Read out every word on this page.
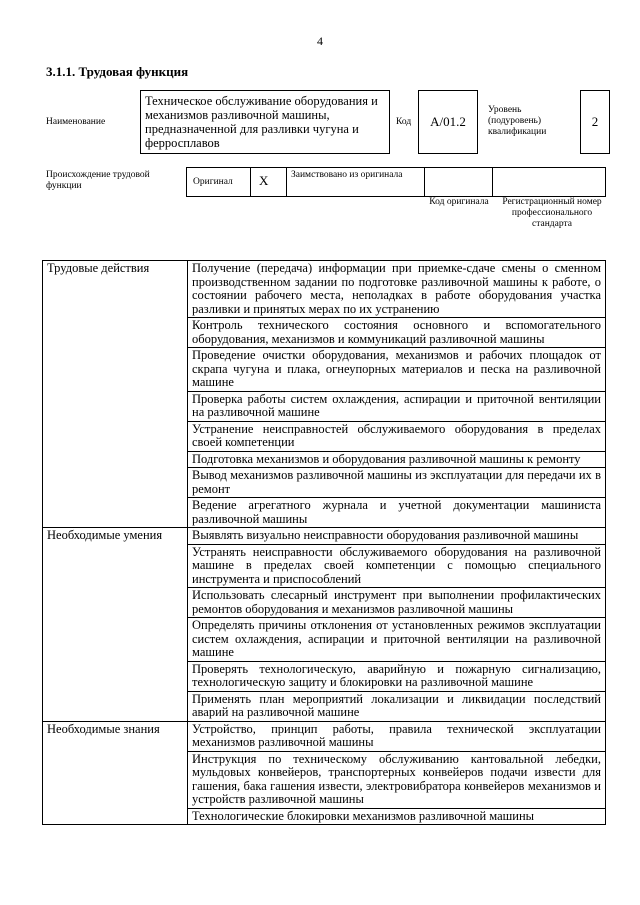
4
3.1.1. Трудовая функция
Наименование
Техническое обслуживание оборудования и механизмов разливочной машины, предназначенной для разливки чугуна и ферросплавов
Код	А/01.2
Уровень (подуровень) квалификации
2
Происхождение трудовой функции	Оригинал X Заимствовано из оригинала
Код оригинала	Регистрационный номер профессионального стандарта
Трудовые действия	Получение (передача) информации при приемке-сдаче смены о сменном производственном задании по подготовке разливочной машины к работе, о состоянии рабочего места, неполадках в работе оборудования участка разливки и принятых мерах по их устранению
	Контроль технического состояния основного и вспомогательного оборудования, механизмов и коммуникаций разливочной машины
	Проведение очистки оборудования, механизмов и рабочих площадок от скрапа чугуна и плака, огнеупорных материалов и песка на разливочной машине
	Проверка работы систем охлаждения, аспирации и приточной вентиляции на разливочной машине
	Устранение неисправностей обслуживаемого оборудования в пределах своей компетенции
	Подготовка механизмов и оборудования разливочной машины к ремонту
	Вывод механизмов разливочной машины из эксплуатации для передачи их в ремонт
	Ведение агрегатного журнала и учетной документации машиниста разливочной машины
Необходимые умения	Выявлять визуально неисправности оборудования разливочной машины
	Устранять неисправности обслуживаемого оборудования на разливочной машине в пределах своей компетенции с помощью специального инструмента и приспособлений
	Использовать слесарный инструмент при выполнении профилактических ремонтов оборудования и механизмов разливочной машины
	Определять причины отклонения от установленных режимов эксплуатации систем охлаждения, аспирации и приточной вентиляции на разливочной машине
	Проверять технологическую, аварийную и пожарную сигнализацию, технологическую защиту и блокировки на разливочной машине
	Применять план мероприятий локализации и ликвидации последствий аварий на разливочной машине
Необходимые знания	Устройство, принцип работы, правила технической эксплуатации механизмов разливочной машины
	Инструкция по техническому обслуживанию кантовальной лебедки, мульдовых конвейеров, транспортерных конвейеров подачи извести для гашения, бака гашения извести, электровибратора конвейеров механизмов и устройств разливочной машины
	Технологические блокировки механизмов разливочной машины
